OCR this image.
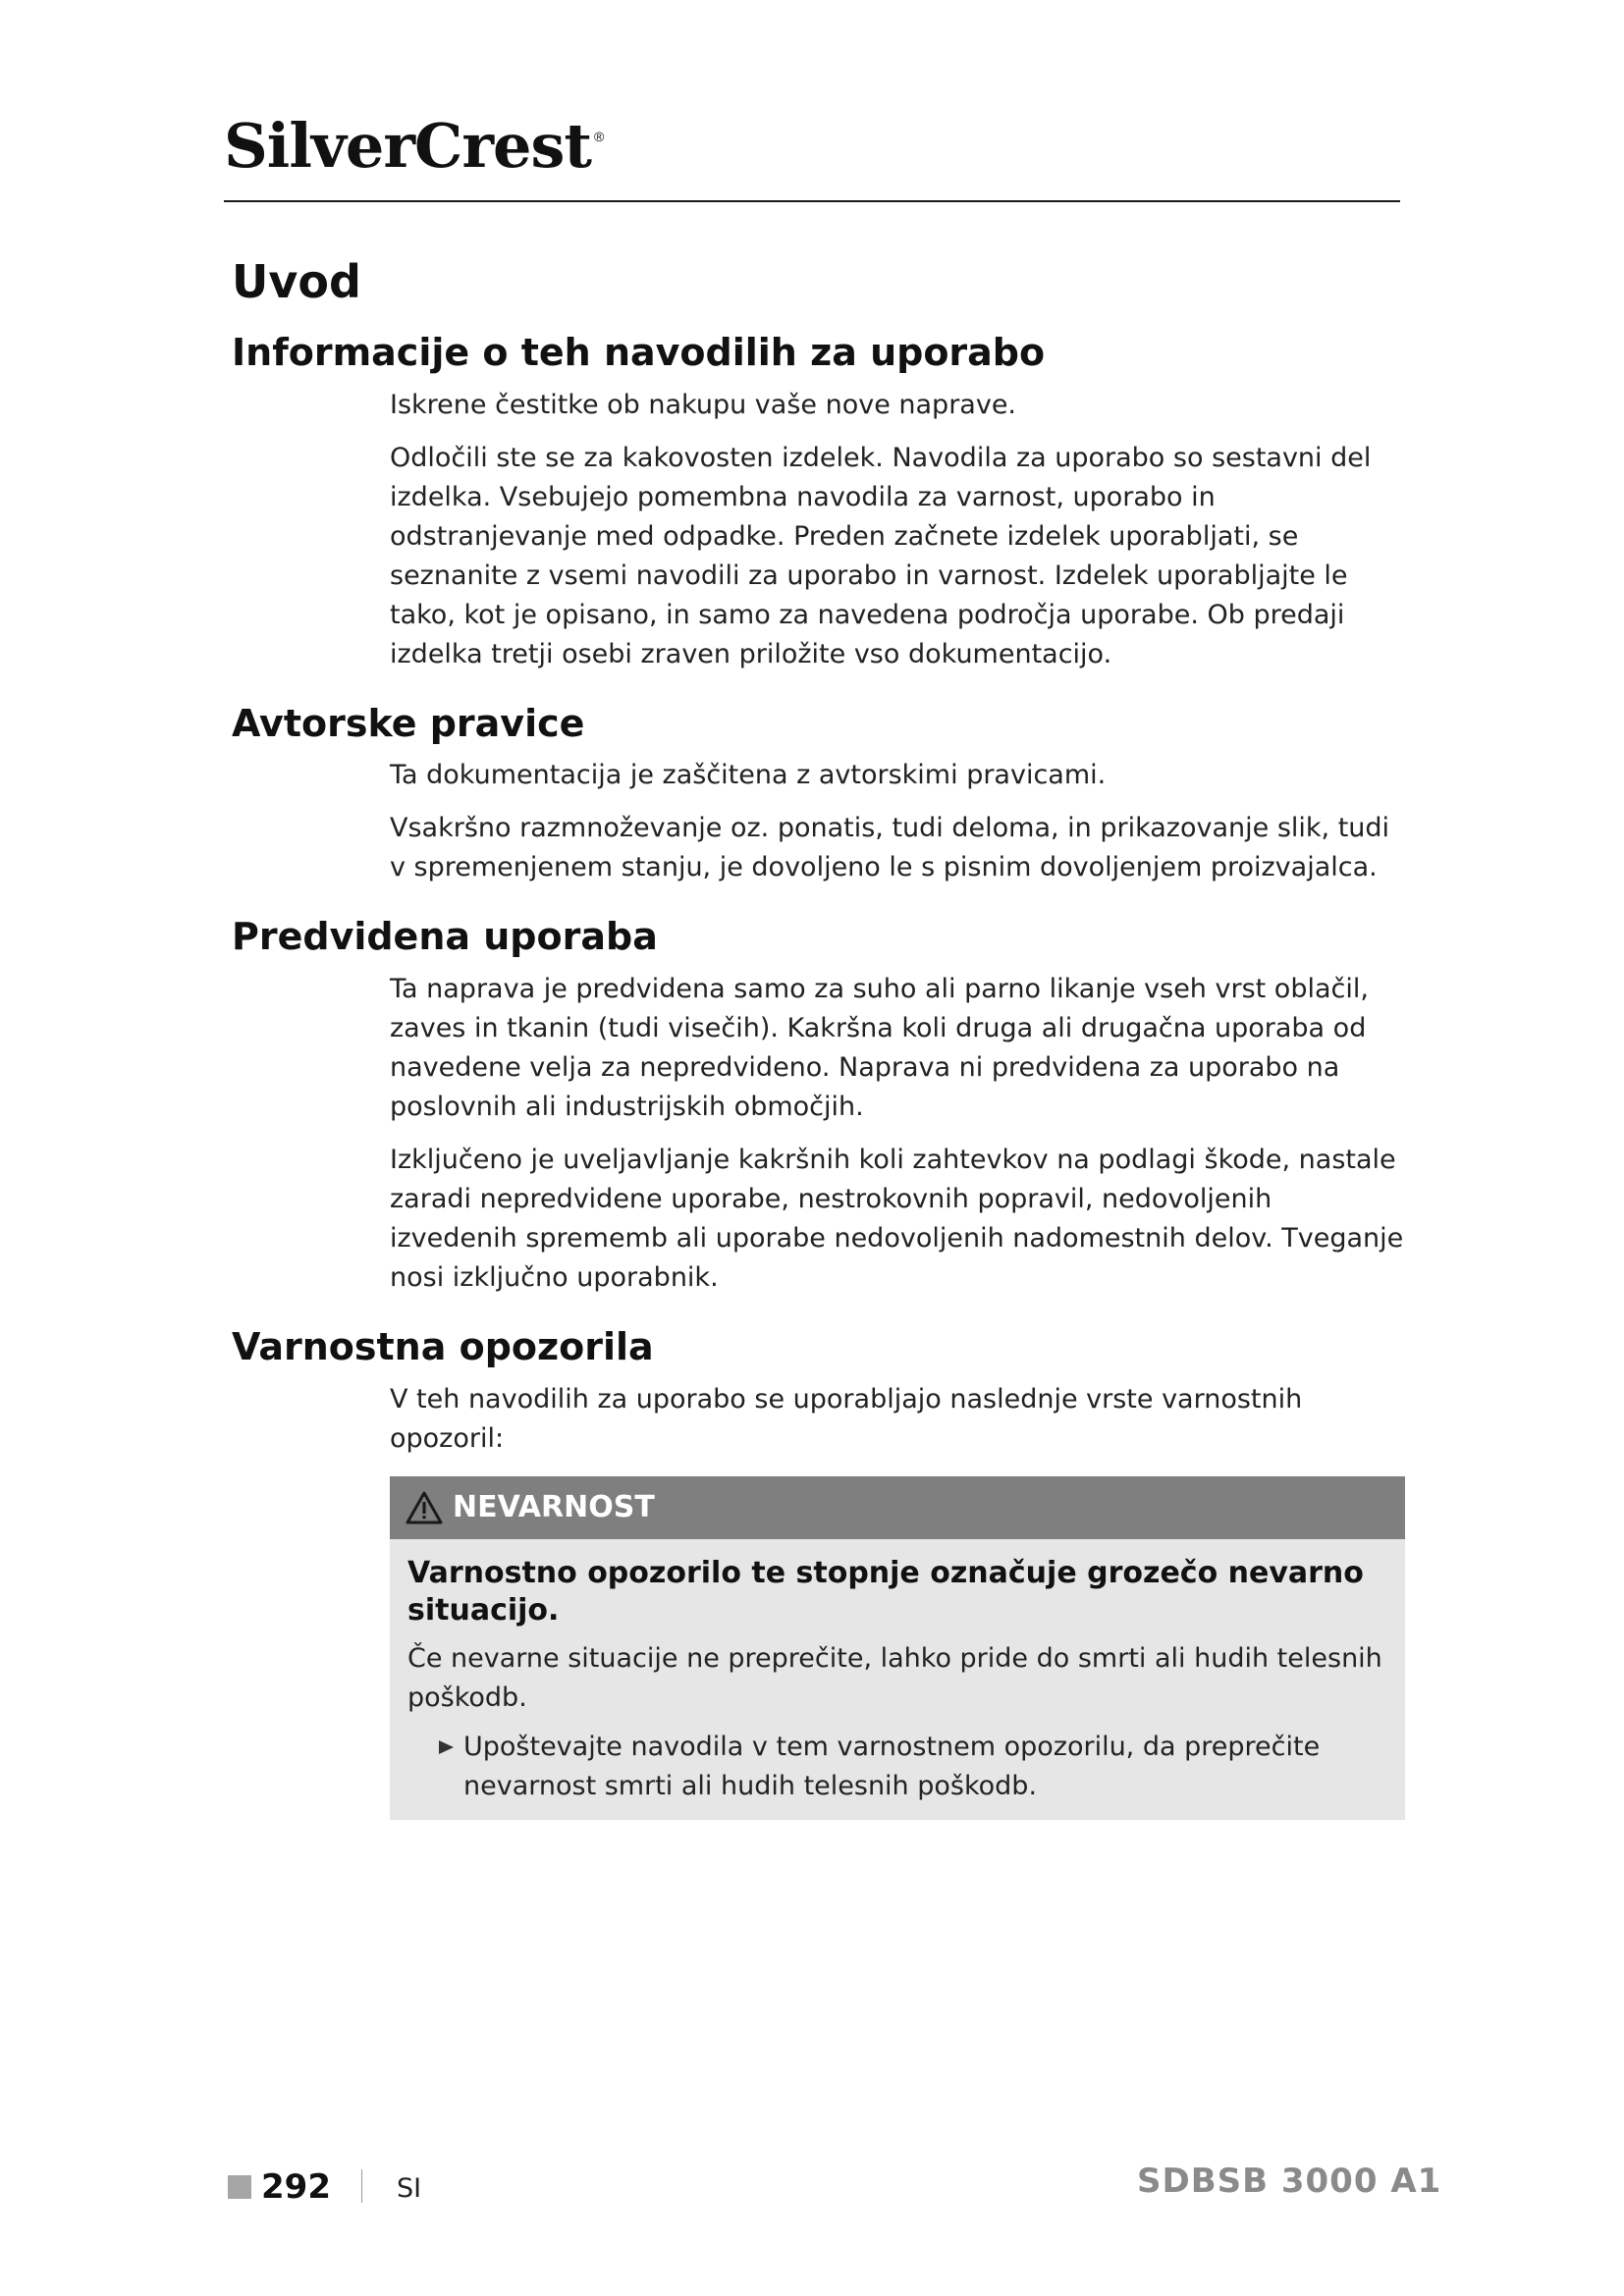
SilverCrest ®
Uvod
Informacije o teh navodilih za uporabo

Iskrene čestitke ob nakupu vaše nove naprave.

Odločili ste se za kakovosten izdelek. Navodila za uporabo so sestavni del izdelka. Vsebujejo pomembna navodila za varnost, uporabo in odstranjevanje med odpadke. Preden začnete izdelek uporabljati, se seznanite z vsemi navodili za uporabo in varnost. Izdelek uporabljajte le tako, kot je opisano, in samo za navedena področja uporabe. Ob predaji izdelka tretji osebi zraven priložite vso dokumentacijo.

Avtorske pravice

Ta dokumentacija je zaščitena z avtorskimi pravicami.

Vsakršno razmnoževanje oz. ponatis, tudi deloma, in prikazovanje slik, tudi v spremenjenem stanju, je dovoljeno le s pisnim dovoljenjem proizvajalca.

Predvidena uporaba

Ta naprava je predvidena samo za suho ali parno likanje vseh vrst oblačil, zaves in tkanin (tudi visečih). Kakršna koli druga ali drugačna uporaba od navedene velja za nepredvideno. Naprava ni predvidena za uporabo na poslovnih ali industrijskih območjih.

Izključeno je uveljavljanje kakršnih koli zahtevkov na podlagi škode, nastale zaradi nepredvidene uporabe, nestrokovnih popravil, nedovoljenih izvedenih sprememb ali uporabe nedovoljenih nadomestnih delov. Tveganje nosi izključno uporabnik.

Varnostna opozorila

V teh navodilih za uporabo se uporabljajo naslednje vrste varnostnih opozoril:

NEVARNOST
Varnostno opozorilo te stopnje označuje grozečo nevarno situacijo.

Če nevarne situacije ne preprečite, lahko pride do smrti ali hudih telesnih poškodb.

Upoštevajte navodila v tem varnostnem opozorilu, da preprečite nevarnost smrti ali hudih telesnih poškodb.
292 SI	SDBSB 3000 A1
